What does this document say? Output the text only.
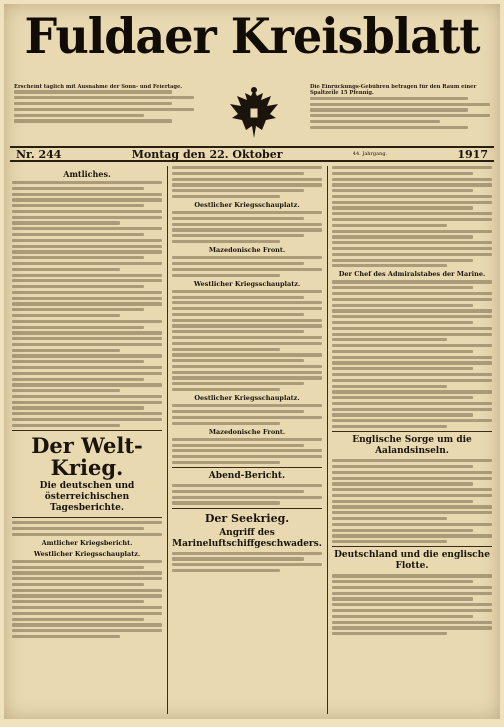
Fuldaer Kreisblatt
Erscheint täglich mit Ausnahme der Sonn- und Feiertage.	Die Einrückungs-Gebühren betragen für den Raum einer Spaltzeile 15 Pfennig.
Nr. 244	Montag den 22. Oktober	44. Jahrgang.	1917
Amtliches.
Der Welt-Krieg.
Die deutschen und österreichischen Tagesberichte.
Amtlicher Kriegsbericht.
Westlicher Kriegsschauplatz.
Oestlicher Kriegsschauplatz.
Mazedonische Front.
Westlicher Kriegsschauplatz.
Oestlicher Kriegsschauplatz.
Mazedonische Front.
Abend-Bericht.
Der Seekrieg.
Angriff des Marineluftschiffgeschwaders.
Der Chef des Admiralstabes der Marine.
Englische Sorge um die Aalandsinseln.
Deutschland und die englische Flotte.
